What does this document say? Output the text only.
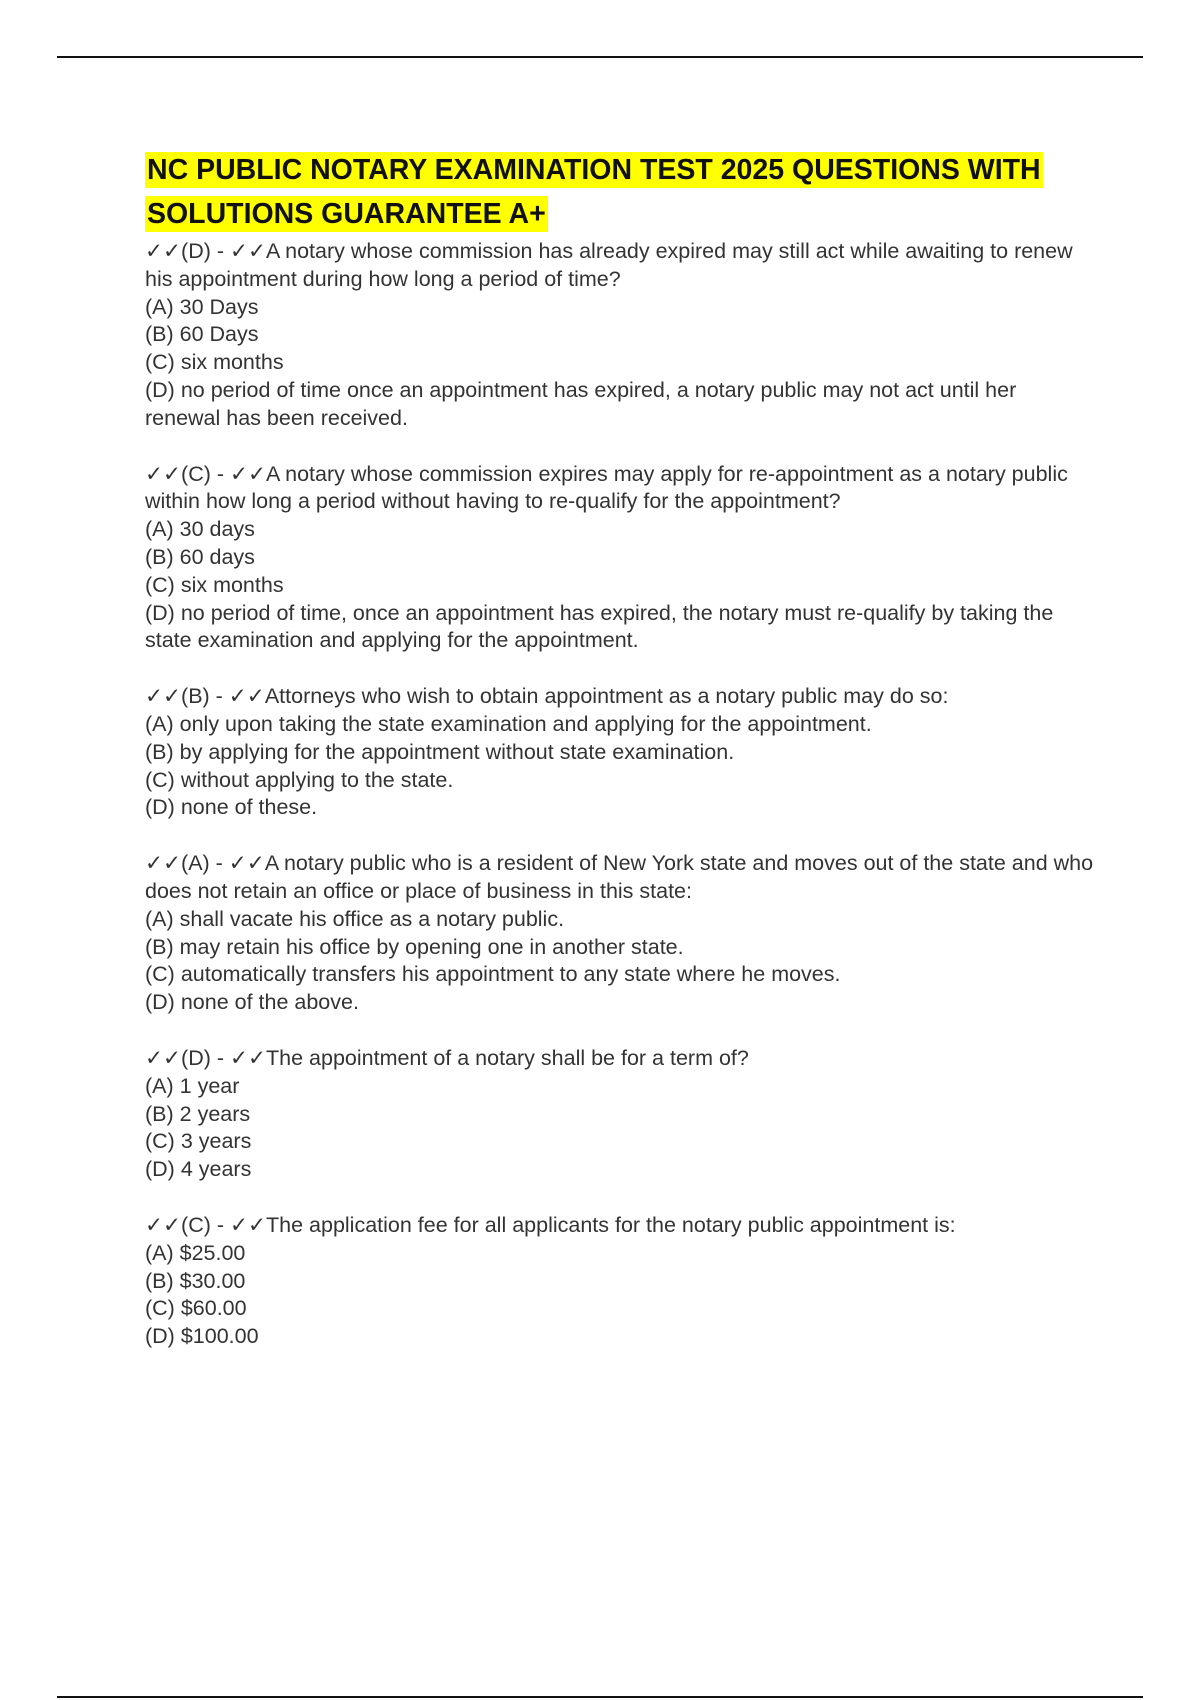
NC PUBLIC NOTARY EXAMINATION TEST 2025 QUESTIONS WITH SOLUTIONS GUARANTEE A+

✓✓(D) - ✓✓A notary whose commission has already expired may still act while awaiting to renew his appointment during how long a period of time?

(A) 30 Days

(B) 60 Days

(C) six months

(D) no period of time once an appointment has expired, a notary public may not act until her renewal has been received.

✓✓(C) - ✓✓A notary whose commission expires may apply for re-appointment as a notary public within how long a period without having to re-qualify for the appointment?

(A) 30 days

(B) 60 days

(C) six months

(D) no period of time, once an appointment has expired, the notary must re-qualify by taking the state examination and applying for the appointment.

✓✓(B) - ✓✓Attorneys who wish to obtain appointment as a notary public may do so:

(A) only upon taking the state examination and applying for the appointment.

(B) by applying for the appointment without state examination.

(C) without applying to the state.

(D) none of these.

✓✓(A) - ✓✓A notary public who is a resident of New York state and moves out of the state and who does not retain an office or place of business in this state:

(A) shall vacate his office as a notary public.

(B) may retain his office by opening one in another state.

(C) automatically transfers his appointment to any state where he moves.

(D) none of the above.

✓✓(D) - ✓✓The appointment of a notary shall be for a term of?

(A) 1 year

(B) 2 years

(C) 3 years

(D) 4 years

✓✓(C) - ✓✓The application fee for all applicants for the notary public appointment is:

(A) $25.00

(B) $30.00

(C) $60.00

(D) $100.00
